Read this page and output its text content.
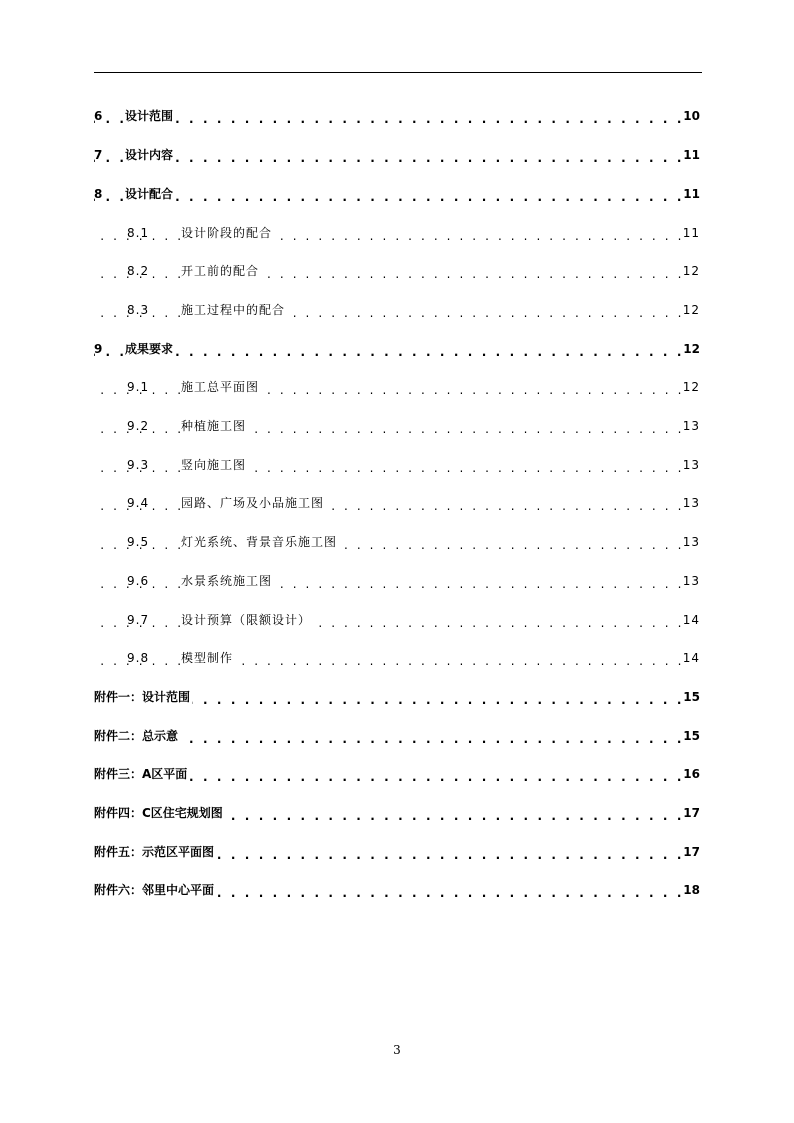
6 设计范围 . . .	10
7 设计内容 . . .	11
8 设计配合 . . .	11
8.1	设计阶段的配合 . . .	11
8.2	开工前的配合 . . .	12
8.3	施工过程中的配合 . . .	12
9 成果要求 . . .	12
9.1	施工总平面图 . . .	12
9.2	种植施工图 . . .	13
9.3	竖向施工图 . . .	13
9.4	园路、广场及小品施工图 . . .	13
9.5	灯光系统、背景音乐施工图 . . .	13
9.6	水景系统施工图 . . .	13
9.7	设计预算（限额设计） . . .	14
9.8	模型制作 . . .	14
附件一：设计范围 . . .	15
附件二：总示意 . . .	15
附件三：A区平面 . . .	16
附件四：C区住宅规划图 . . .	17
附件五：示范区平面图 . . .	17
附件六：邻里中心平面 . . .	18
3
